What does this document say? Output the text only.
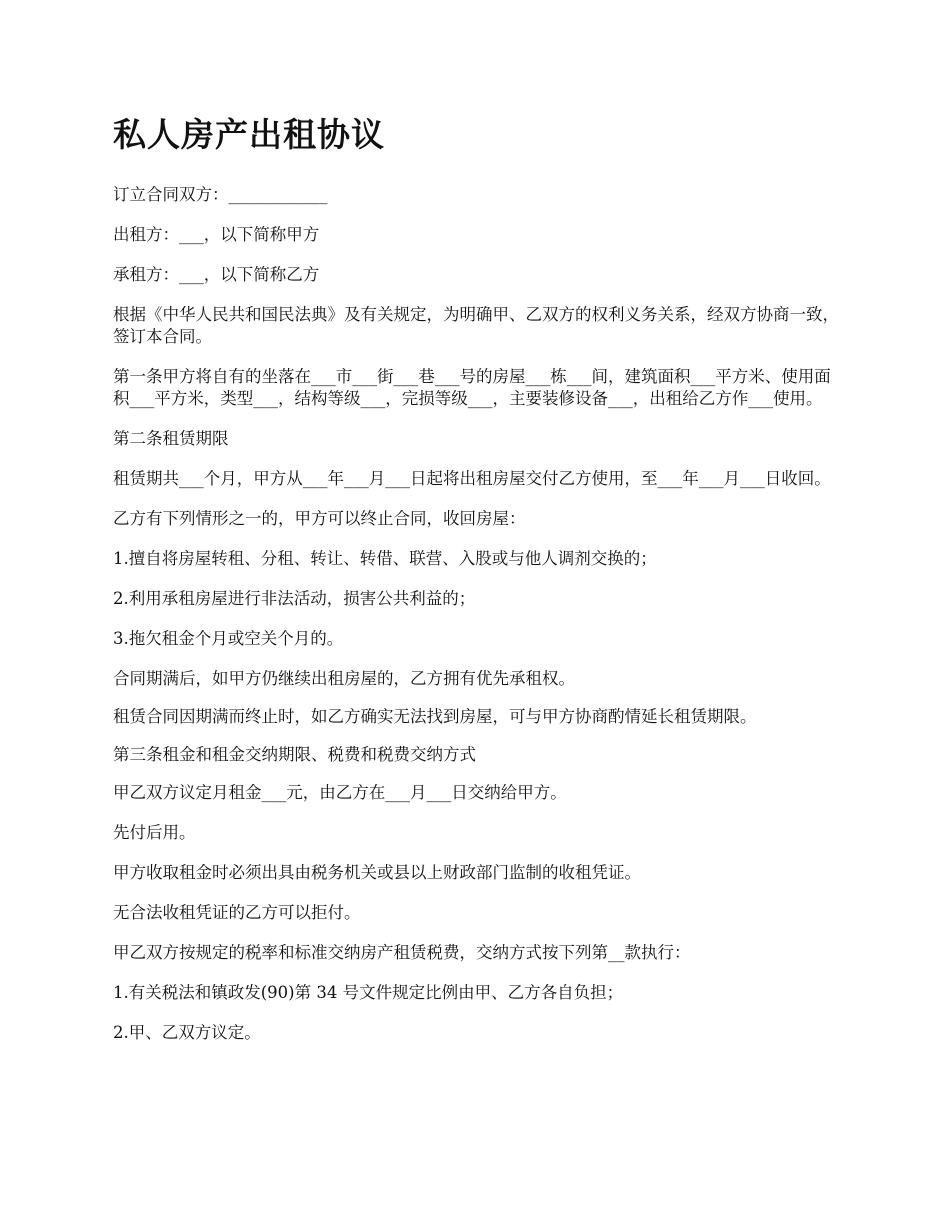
私人房产出租协议

订立合同双方：____________

出租方：___，以下简称甲方

承租方：___，以下简称乙方

根据《中华人民共和国民法典》及有关规定，为明确甲、乙双方的权利义务关系，经双方协商一致，签订本合同。

第一条甲方将自有的坐落在___市___街___巷___号的房屋___栋___间，建筑面积___平方米、使用面积___平方米，类型___，结构等级___，完损等级___，主要装修设备___，出租给乙方作___使用。

第二条租赁期限

租赁期共___个月，甲方从___年___月___日起将出租房屋交付乙方使用，至___年___月___日收回。

乙方有下列情形之一的，甲方可以终止合同，收回房屋：

1.擅自将房屋转租、分租、转让、转借、联营、入股或与他人调剂交换的；

2.利用承租房屋进行非法活动，损害公共利益的；

3.拖欠租金个月或空关个月的。

合同期满后，如甲方仍继续出租房屋的，乙方拥有优先承租权。

租赁合同因期满而终止时，如乙方确实无法找到房屋，可与甲方协商酌情延长租赁期限。

第三条租金和租金交纳期限、税费和税费交纳方式

甲乙双方议定月租金___元，由乙方在___月___日交纳给甲方。

先付后用。

甲方收取租金时必须出具由税务机关或县以上财政部门监制的收租凭证。

无合法收租凭证的乙方可以拒付。

甲乙双方按规定的税率和标准交纳房产租赁税费，交纳方式按下列第__款执行：

1.有关税法和镇政发(90)第 34 号文件规定比例由甲、乙方各自负担；

2.甲、乙双方议定。
